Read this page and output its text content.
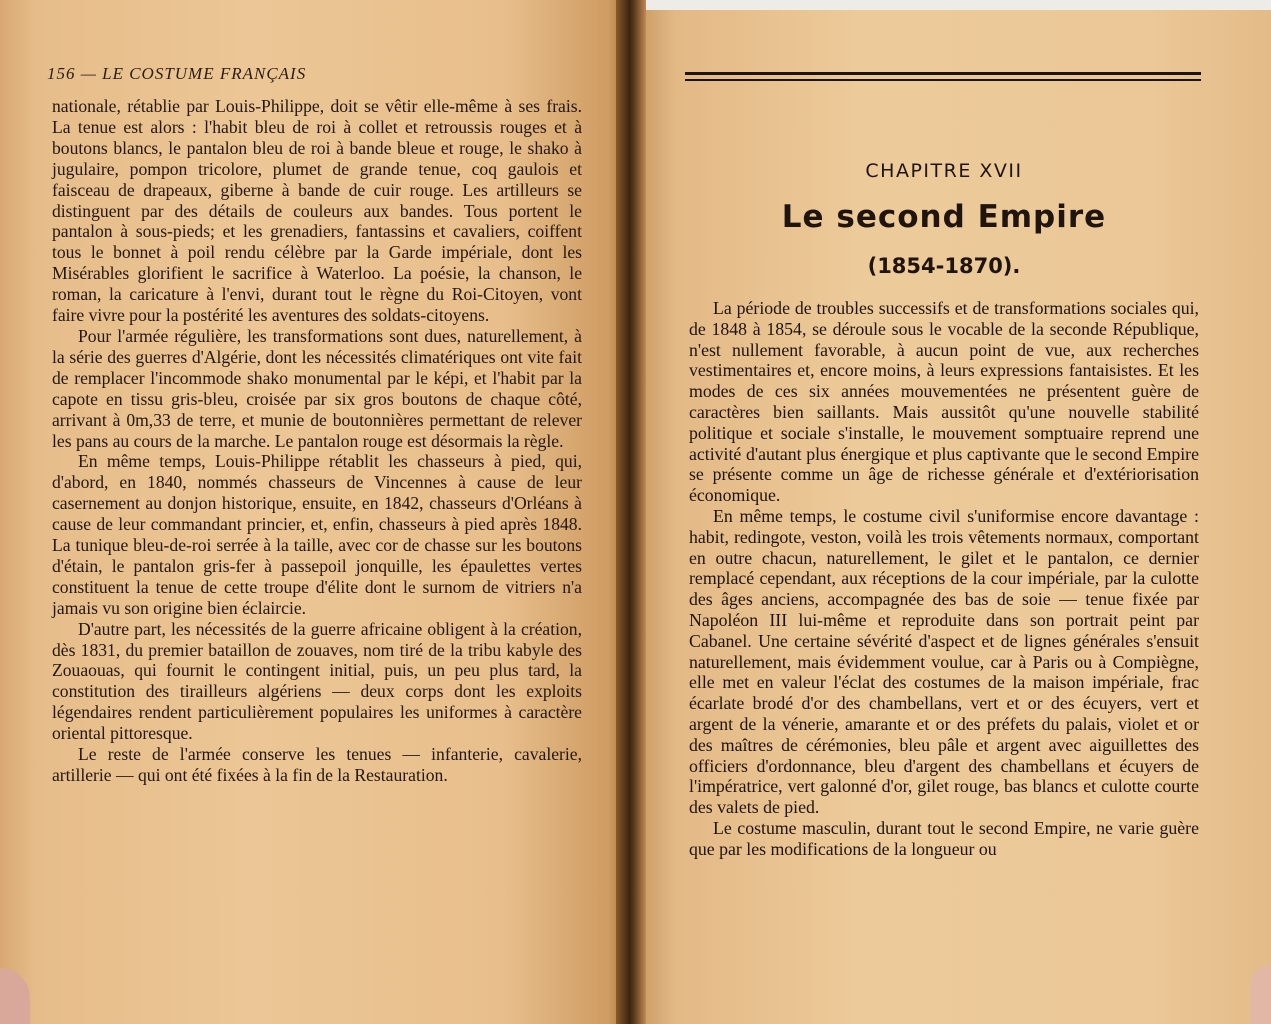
156 — LE COSTUME FRANÇAIS

nationale, rétablie par Louis-Philippe, doit se vêtir elle-même à ses frais. La tenue est alors : l'habit bleu de roi à collet et retroussis rouges et à boutons blancs, le pantalon bleu de roi à bande bleue et rouge, le shako à jugulaire, pompon tricolore, plumet de grande tenue, coq gaulois et faisceau de drapeaux, giberne à bande de cuir rouge. Les artilleurs se distinguent par des détails de couleurs aux bandes. Tous portent le pantalon à sous-pieds; et les grenadiers, fantassins et cavaliers, coiffent tous le bonnet à poil rendu célèbre par la Garde impériale, dont les Misérables glorifient le sacrifice à Waterloo. La poésie, la chanson, le roman, la caricature à l'envi, durant tout le règne du Roi-Citoyen, vont faire vivre pour la postérité les aventures des soldats-citoyens.

Pour l'armée régulière, les transformations sont dues, naturellement, à la série des guerres d'Algérie, dont les nécessités climatériques ont vite fait de remplacer l'incommode shako monumental par le képi, et l'habit par la capote en tissu gris-bleu, croisée par six gros boutons de chaque côté, arrivant à 0m,33 de terre, et munie de boutonnières permettant de relever les pans au cours de la marche. Le pantalon rouge est désormais la règle.

En même temps, Louis-Philippe rétablit les chasseurs à pied, qui, d'abord, en 1840, nommés chasseurs de Vincennes à cause de leur casernement au donjon historique, ensuite, en 1842, chasseurs d'Orléans à cause de leur commandant princier, et, enfin, chasseurs à pied après 1848. La tunique bleu-de-roi serrée à la taille, avec cor de chasse sur les boutons d'étain, le pantalon gris-fer à passepoil jonquille, les épaulettes vertes constituent la tenue de cette troupe d'élite dont le surnom de vitriers n'a jamais vu son origine bien éclaircie.

D'autre part, les nécessités de la guerre africaine obligent à la création, dès 1831, du premier bataillon de zouaves, nom tiré de la tribu kabyle des Zouaouas, qui fournit le contingent initial, puis, un peu plus tard, la constitution des tirailleurs algériens — deux corps dont les exploits légendaires rendent particulièrement populaires les uniformes à caractère oriental pittoresque.

Le reste de l'armée conserve les tenues — infanterie, cavalerie, artillerie — qui ont été fixées à la fin de la Restauration.

CHAPITRE XVII
Le second Empire
(1854-1870).

La période de troubles successifs et de transformations sociales qui, de 1848 à 1854, se déroule sous le vocable de la seconde République, n'est nullement favorable, à aucun point de vue, aux recherches vestimentaires et, encore moins, à leurs expressions fantaisistes. Et les modes de ces six années mouvementées ne présentent guère de caractères bien saillants. Mais aussitôt qu'une nouvelle stabilité politique et sociale s'installe, le mouvement somptuaire reprend une activité d'autant plus énergique et plus captivante que le second Empire se présente comme un âge de richesse générale et d'extériorisation économique.

En même temps, le costume civil s'uniformise encore davantage : habit, redingote, veston, voilà les trois vêtements normaux, comportant en outre chacun, naturellement, le gilet et le pantalon, ce dernier remplacé cependant, aux réceptions de la cour impériale, par la culotte des âges anciens, accompagnée des bas de soie — tenue fixée par Napoléon III lui-même et reproduite dans son portrait peint par Cabanel. Une certaine sévérité d'aspect et de lignes générales s'ensuit naturellement, mais évidemment voulue, car à Paris ou à Compiègne, elle met en valeur l'éclat des costumes de la maison impériale, frac écarlate brodé d'or des chambellans, vert et or des écuyers, vert et argent de la vénerie, amarante et or des préfets du palais, violet et or des maîtres de cérémonies, bleu pâle et argent avec aiguillettes des officiers d'ordonnance, bleu d'argent des chambellans et écuyers de l'impératrice, vert galonné d'or, gilet rouge, bas blancs et culotte courte des valets de pied.

Le costume masculin, durant tout le second Empire, ne varie guère que par les modifications de la longueur ou
